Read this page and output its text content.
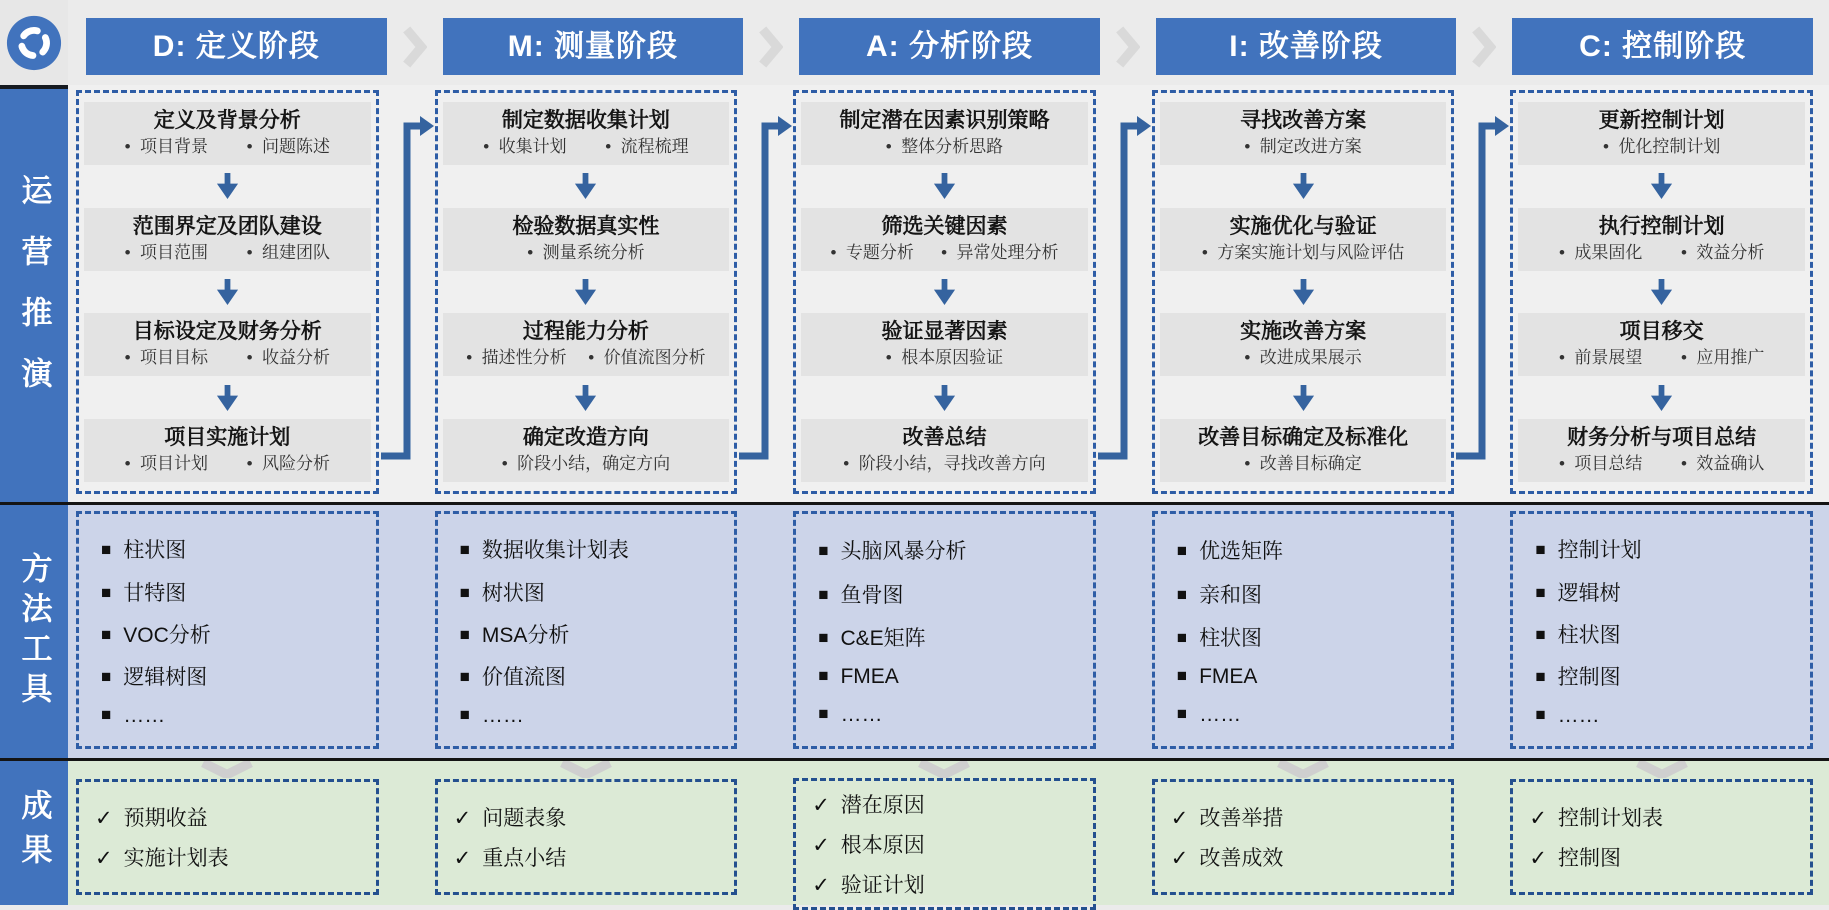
D: 定义阶段	M: 测量阶段	A: 分析阶段	I: 改善阶段	C: 控制阶段
运营推演
定义及背景分析
•  项目背景	•  问题陈述
范围界定及团队建设
•  项目范围	•  组建团队
目标设定及财务分析
•  项目目标	•  收益分析
项目实施计划
•  项目计划	•  风险分析
制定数据收集计划
•  收集计划	•  流程梳理
检验数据真实性
•  测量系统分析
过程能力分析
•  描述性分析	•  价值流图分析
确定改造方向
•  阶段小结，确定方向
制定潜在因素识别策略
•  整体分析思路
筛选关键因素
•  专题分析	•  异常处理分析
验证显著因素
•  根本原因验证
改善总结
•  阶段小结，寻找改善方向
寻找改善方案
•  制定改进方案
实施优化与验证
•  方案实施计划与风险评估
实施改善方案
•  改进成果展示
改善目标确定及标准化
•  改善目标确定
更新控制计划
•  优化控制计划
执行控制计划
•  成果固化	•  效益分析
项目移交
•  前景展望	•  应用推广
财务分析与项目总结
•  项目总结	•  效益确认
方法工具
■ 柱状图
■ 甘特图
■ VOC分析
■ 逻辑树图
■ ……
■ 数据收集计划表
■ 树状图
■ MSA分析
■ 价值流图
■ ……
■ 头脑风暴分析
■ 鱼骨图
■ C&E矩阵
■ FMEA
■ ……
■ 优选矩阵
■ 亲和图
■ 柱状图
■ FMEA
■ ……
■ 控制计划
■ 逻辑树
■ 柱状图
■ 控制图
■ ……
成果	✓ 预期收益
✓ 实施计划表
✓ 问题表象
✓ 重点小结
✓ 潜在原因
✓ 根本原因
✓ 验证计划
✓ 改善举措
✓ 改善成效
✓ 控制计划表
✓ 控制图
